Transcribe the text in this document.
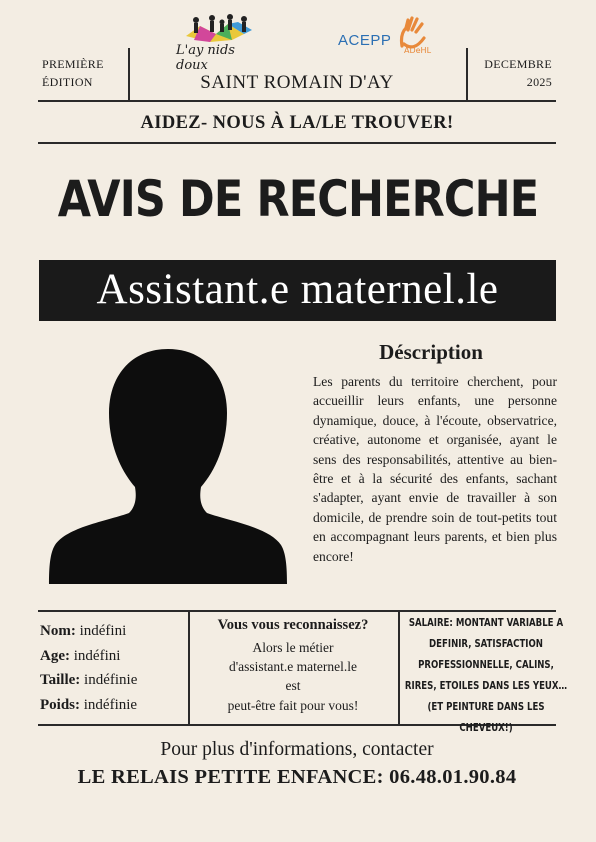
PREMIÈRE
ÉDITION
DECEMBRE
2025
L'ay nids doux
ACEPP
ADeHL
SAINT ROMAIN D'AY
AIDEZ- NOUS À LA/LE TROUVER!
AVIS DE RECHERCHE
Assistant.e maternel.le
Déscription
Les parents du territoire cherchent, pour accueillir leurs enfants, une personne dynamique, douce, à l'écoute, observatrice, créative, autonome et organisée, ayant le sens des responsabilités, attentive au bien-être et à la sécurité des enfants, sachant s'adapter, ayant envie de travailler à son domicile, de prendre soin de tout-petits tout en accompagnant leurs parents, et bien plus encore!
Nom: indéfini
Age: indéfini
Taille: indéfinie
Poids: indéfinie
Vous vous reconnaissez?
Alors le métier
d'assistant.e maternel.le
est
peut-être fait pour vous!
SALAIRE: MONTANT VARIABLE A DEFINIR, SATISFACTION PROFESSIONNELLE, CALINS, RIRES, ETOILES DANS LES YEUX… (ET PEINTURE DANS LES CHEVEUX!)
Pour plus d'informations, contacter
LE RELAIS PETITE ENFANCE: 06.48.01.90.84
